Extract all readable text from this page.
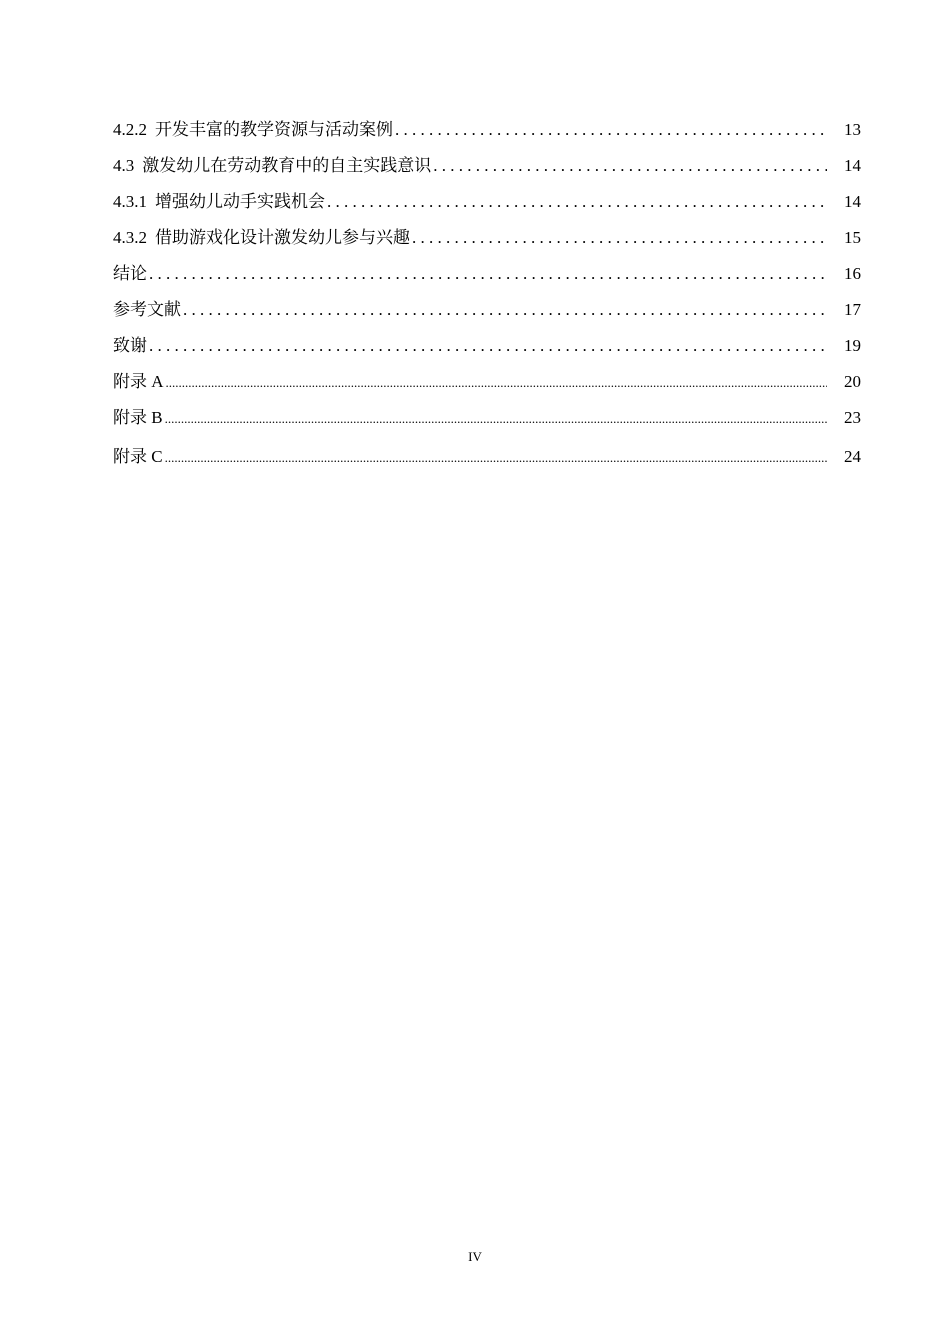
4.2.2 开发丰富的教学资源与活动案例 . . .	13
4.3 激发幼儿在劳动教育中的自主实践意识 . . .	14
4.3.1 增强幼儿动手实践机会 . . .	14
4.3.2 借助游戏化设计激发幼儿参与兴趣 . . .	15
结论 . . .	16
参考文献 . . .	17
致谢 . . .	19
附录 A .....	20
附录 B .....	23
附录 C .....	24
IV
